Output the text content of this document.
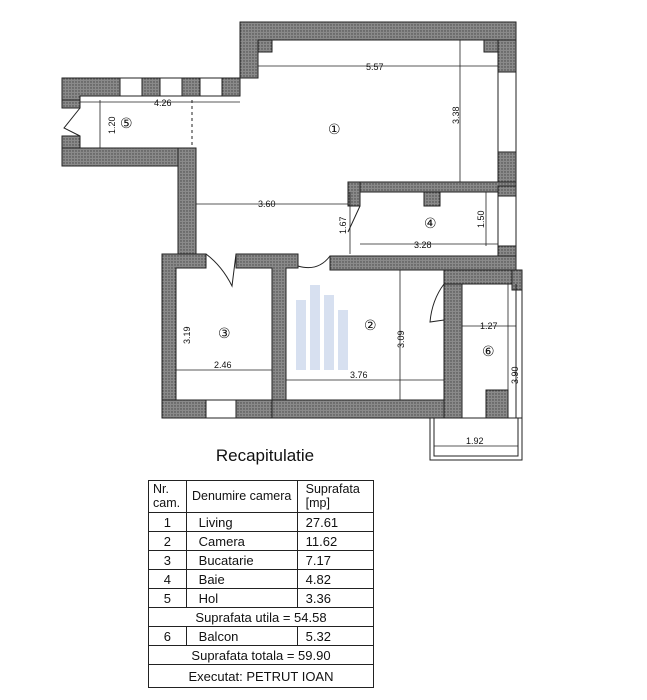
5.57
4.26
1.20
3.38
3.60
1.67	1.50
3.28
3.19
2.46
3.09
3.76
1.27
3.90
1.92
①
②
③
④
⑤
⑥
Recapitulatie
Nr. cam.	Denumire camera	Suprafata [mp]
1	Living	27.61
2	Camera	11.62
3	Bucatarie	7.17
4	Baie	4.82
5	Hol	3.36
Suprafata utila = 54.58		
6	Balcon	5.32
Suprafata totala = 59.90		
Executat: PETRUT IOAN		
